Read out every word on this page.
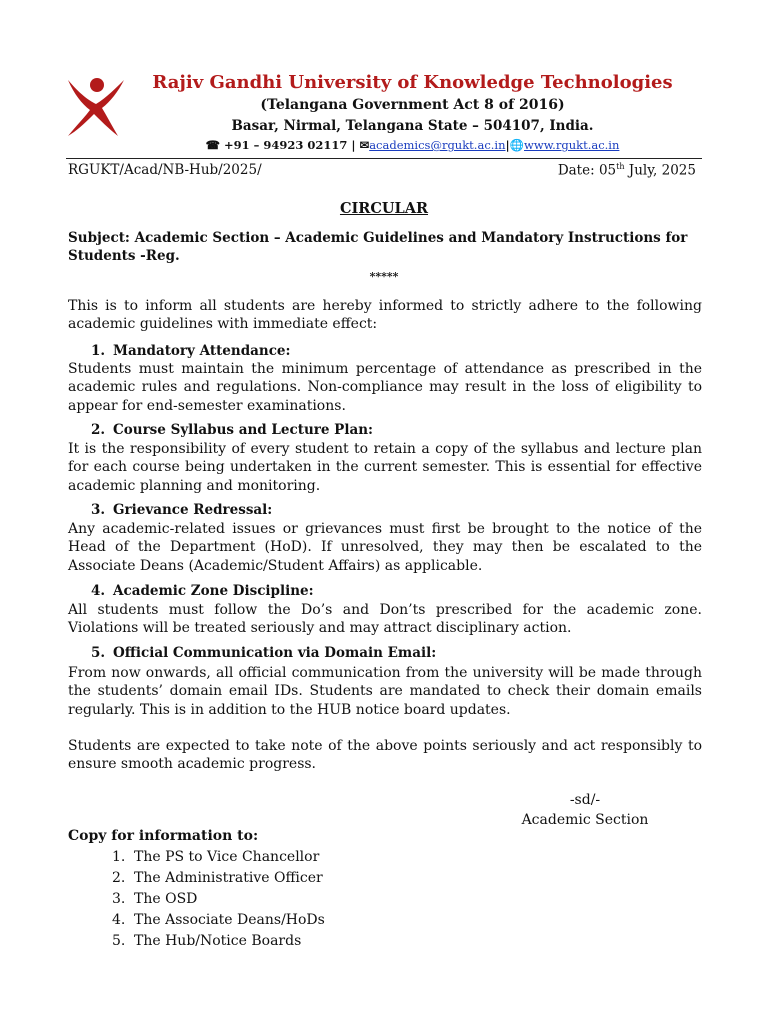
Rajiv Gandhi University of Knowledge Technologies
(Telangana Government Act 8 of 2016)
Basar, Nirmal, Telangana State – 504107, India.
☎ +91 – 94923 02117 | ✉academics@rgukt.ac.in|🌐www.rgukt.ac.in
RGUKT/Acad/NB-Hub/2025/	Date: 05th July, 2025
CIRCULAR
Subject: Academic Section – Academic Guidelines and Mandatory Instructions for Students -Reg.
*****
This is to inform all students are hereby informed to strictly adhere to the following academic guidelines with immediate effect:
1. Mandatory Attendance:
Students must maintain the minimum percentage of attendance as prescribed in the academic rules and regulations. Non-compliance may result in the loss of eligibility to appear for end-semester examinations.
2. Course Syllabus and Lecture Plan:
It is the responsibility of every student to retain a copy of the syllabus and lecture plan for each course being undertaken in the current semester. This is essential for effective academic planning and monitoring.
3. Grievance Redressal:
Any academic-related issues or grievances must first be brought to the notice of the Head of the Department (HoD). If unresolved, they may then be escalated to the Associate Deans (Academic/Student Affairs) as applicable.
4. Academic Zone Discipline:
All students must follow the Do’s and Don’ts prescribed for the academic zone. Violations will be treated seriously and may attract disciplinary action.
5. Official Communication via Domain Email:
From now onwards, all official communication from the university will be made through the students’ domain email IDs. Students are mandated to check their domain emails regularly. This is in addition to the HUB notice board updates.
Students are expected to take note of the above points seriously and act responsibly to ensure smooth academic progress.
-sd/-
Academic Section
Copy for information to:
1. The PS to Vice Chancellor
2. The Administrative Officer
3. The OSD
4. The Associate Deans/HoDs
5. The Hub/Notice Boards
